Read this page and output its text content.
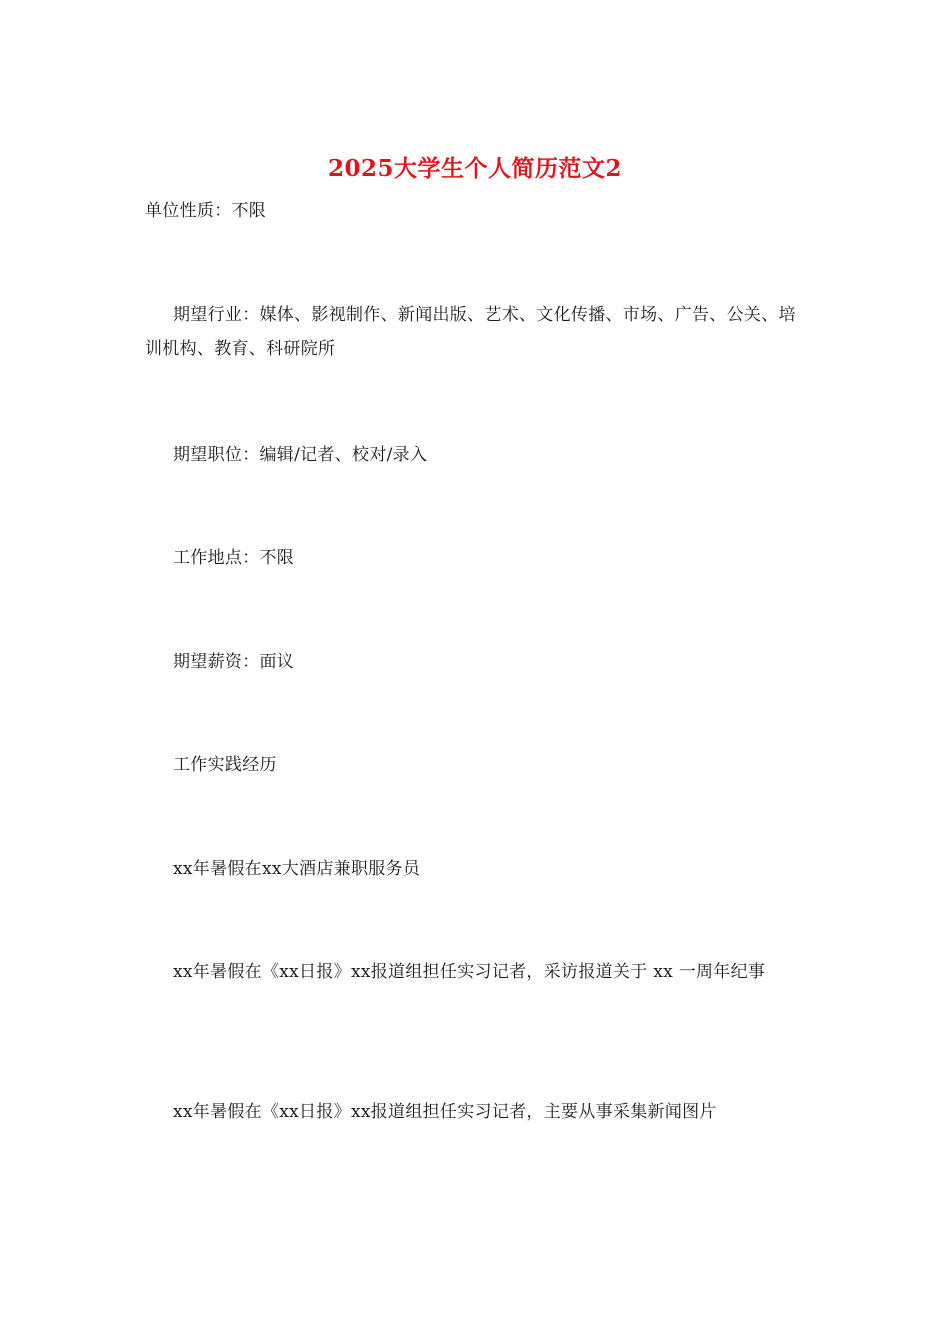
2025大学生个人简历范文2

单位性质：不限

期望行业：媒体、影视制作、新闻出版、艺术、文化传播、市场、广告、公关、培训机构、教育、科研院所

期望职位：编辑/记者、校对/录入

工作地点：不限

期望薪资：面议

工作实践经历

xx年暑假在xx大酒店兼职服务员

xx年暑假在《xx日报》xx报道组担任实习记者，采访报道关于 xx 一周年纪事

xx年暑假在《xx日报》xx报道组担任实习记者，主要从事采集新闻图片
